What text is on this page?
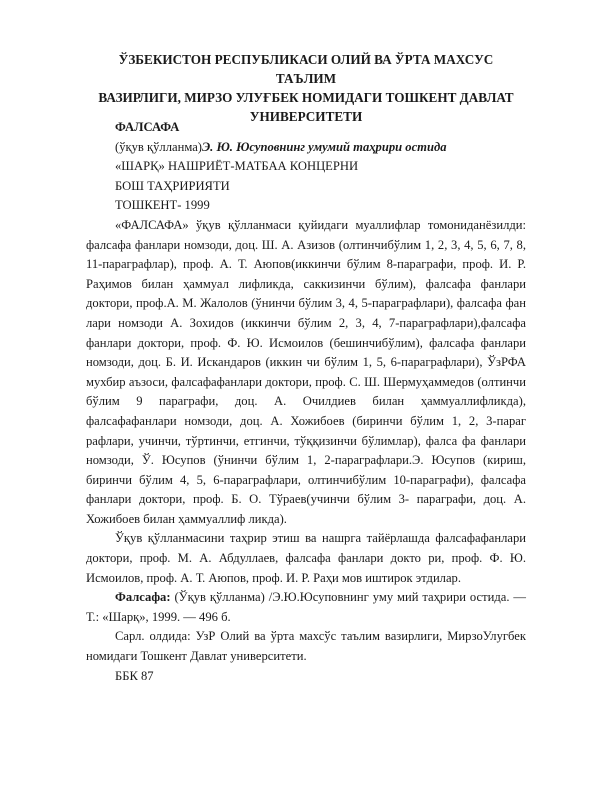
ЎЗБЕКИСТОН РЕСПУБЛИКАСИ ОЛИЙ ВА ЎРТА МАХСУС ТАЪЛИМ
ВАЗИРЛИГИ, МИРЗО УЛУҒБЕК НОМИДАГИ ТОШКЕНТ ДАВЛАТ
УНИВЕРСИТЕТИ

ФАЛСАФА

(ўқув қўлланма)Э. Ю. Юсуповнинг умумий таҳрири остида

«ШАРҚ» НАШРИЁТ-МАТБАА КОНЦЕРНИ

БОШ ТАҲРИРИЯТИ

ТОШКЕНТ- 1999

«ФАЛСАФА» ўқув қўлланмаси қуйидаги муаллифлар томониданёзилди: фалсафа фанлари номзоди, доц. Ш. А. Азизов (олтинчибўлим 1, 2, 3, 4, 5, 6, 7, 8, 11-параграфлар), проф. А. Т. Аюпов(иккинчи бўлим 8-параграфи, проф. И. Р. Раҳимов билан ҳаммуал лифликда, саккизинчи бўлим), фалсафа фанлари доктори, проф.А. М. Жалолов (ўнинчи бўлим 3, 4, 5-параграфлари), фалсафа фан лари номзоди А. Зохидов (иккинчи бўлим 2, 3, 4, 7-параграфлари),фалсафа фанлари доктори, проф. Ф. Ю. Исмоилов (бешинчибўлим), фалсафа фанлари номзоди, доц. Б. И. Искандаров (иккин чи бўлим 1, 5, 6-параграфлари), ЎзРФА мухбир аъзоси, фалсафафанлари доктори, проф. С. Ш. Шермуҳаммедов (олтинчи бўлим 9 параграфи, доц. А. Очилдиев билан ҳаммуаллифликда), фалсафафанлари номзоди, доц. А. Хожибоев (биринчи бўлим 1, 2, 3-параг рафлари, учинчи, тўртинчи, етгинчи, тўққизинчи бўлимлар), фалса фа фанлари номзоди, Ў. Юсупов (ўнинчи бўлим 1, 2-параграфлари.Э. Юсупов (кириш, биринчи бўлим 4, 5, 6-параграфлари, олтинчибўлим 10-параграфи), фалсафа фанлари доктори, проф. Б. О. Тўраев(учинчи бўлим 3- параграфи, доц. А. Хожибоев билан ҳаммуаллиф ликда).

Ўқув қўлланмасини таҳрир этиш ва нашрга тайёрлашда фалсафафанлари доктори, проф. М. А. Абдуллаев, фалсафа фанлари докто ри, проф. Ф. Ю. Исмоилов, проф. А. Т. Аюпов, проф. И. Р. Раҳи мов иштирок этдилар.

Фалсафа: (Ўқув қўлланма) /Э.Ю.Юсуповнинг уму мий таҳрири остида. — Т.: «Шарқ», 1999. — 496 б.

Сарл. олдида: УзР Олий ва ўрта махсўс таълим вазирлиги, МирзоУлугбек номидаги Тошкент Давлат университети.

ББК 87
